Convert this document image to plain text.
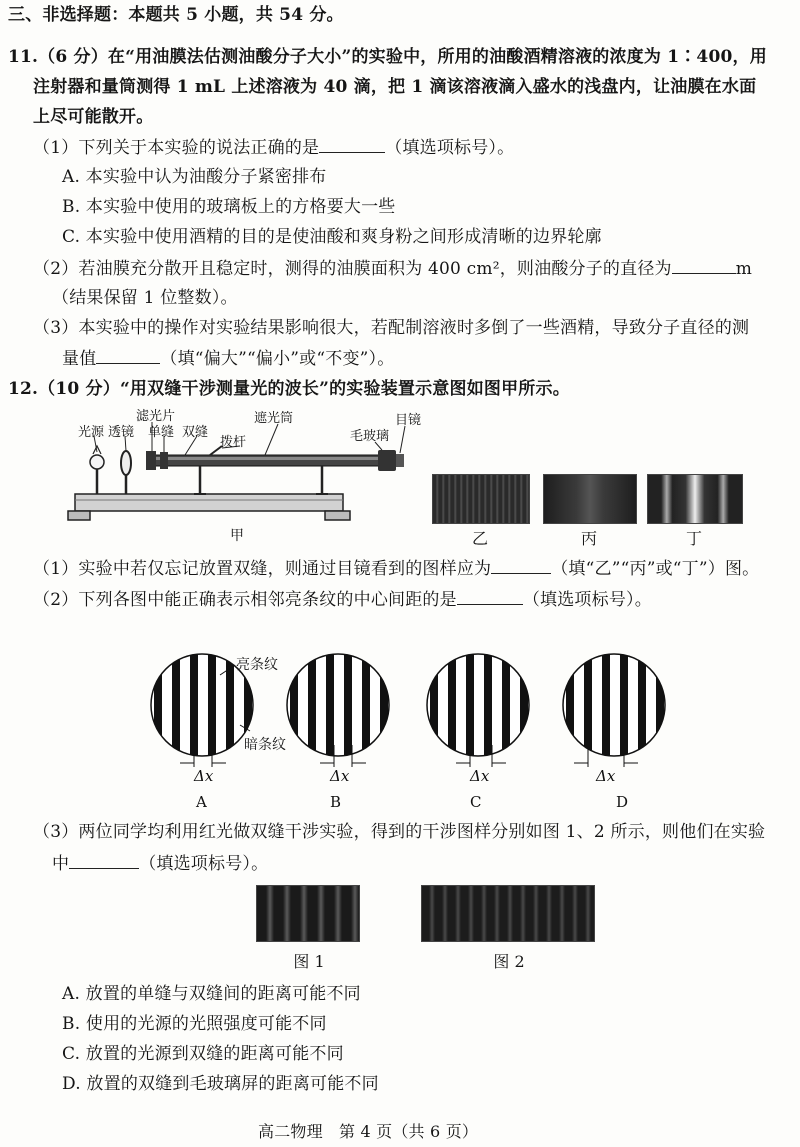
三、非选择题：本题共 5 小题，共 54 分。
11.（6 分）在“用油膜法估测油酸分子大小”的实验中，所用的油酸酒精溶液的浓度为 1∶400，用
注射器和量筒测得 1 mL 上述溶液为 40 滴，把 1 滴该溶液滴入盛水的浅盘内，让油膜在水面
上尽可能散开。
（1）下列关于本实验的说法正确的是	（填选项标号）。
A. 本实验中认为油酸分子紧密排布
B. 本实验中使用的玻璃板上的方格要大一些
C. 本实验中使用酒精的目的是使油酸和爽身粉之间形成清晰的边界轮廓
（2）若油膜充分散开且稳定时，测得的油膜面积为 400 cm²，则油酸分子的直径为	m
（结果保留 1 位整数）。
（3）本实验中的操作对实验结果影响很大，若配制溶液时多倒了一些酒精，导致分子直径的测
量值	（填“偏大”“偏小”或“不变”）。
12.（10 分）“用双缝干涉测量光的波长”的实验装置示意图如图甲所示。
光源 透镜
滤光片
单缝 双缝
遮光筒
拨杆	毛玻璃
目镜
甲	乙	丙	丁
（1）实验中若仅忘记放置双缝，则通过目镜看到的图样应为	（填“乙”“丙”或“丁”）图。
（2）下列各图中能正确表示相邻亮条纹的中心间距的是	（填选项标号）。
亮条纹
暗条纹
Δx	Δx	Δx	Δx
A	B	C	D
（3）两位同学均利用红光做双缝干涉实验，得到的干涉图样分别如图 1、2 所示，则他们在实验
中	（填选项标号）。
图 1	图 2
A. 放置的单缝与双缝间的距离可能不同
B. 使用的光源的光照强度可能不同
C. 放置的光源到双缝的距离可能不同
D. 放置的双缝到毛玻璃屏的距离可能不同
高二物理　第 4 页（共 6 页）
